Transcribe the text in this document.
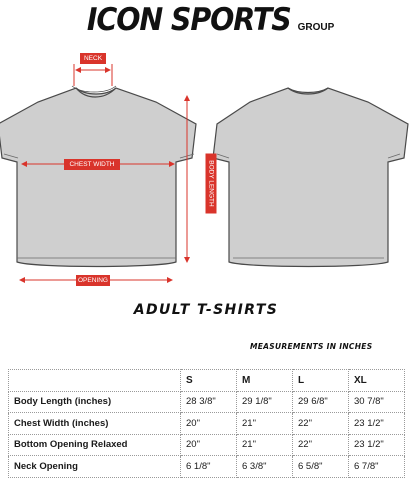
ICON SPORTS GROUP
NECK
CHEST WIDTH
OPENING
BODY LENGTH
ADULT T-SHIRTS
MEASUREMENTS IN INCHES
	S	M	L	XL
Body Length (inches)	28 3/8"	29 1/8"	29 6/8"	30 7/8"
Chest Width (inches)	20"	21"	22"	23 1/2"
Bottom Opening Relaxed	20"	21"	22"	23 1/2"
Neck Opening	6 1/8"	6 3/8"	6 5/8"	6 7/8"
